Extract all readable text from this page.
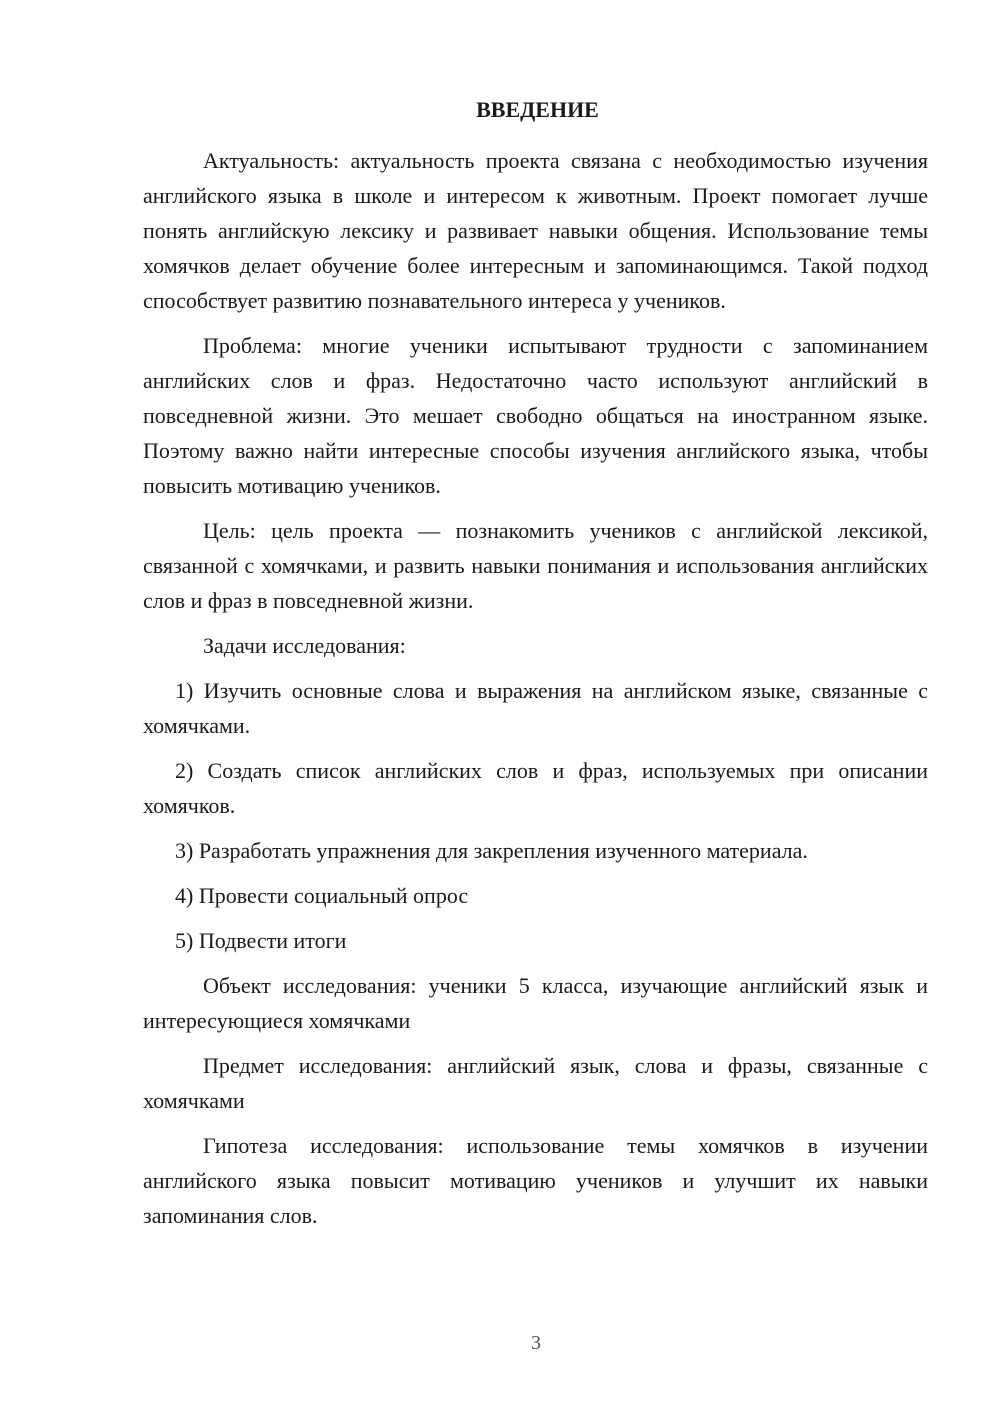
ВВЕДЕНИЕ

Актуальность: актуальность проекта связана с необходимостью изучения английского языка в школе и интересом к животным. Проект помогает лучше понять английскую лексику и развивает навыки общения. Использование темы хомячков делает обучение более интересным и запоминающимся. Такой подход способствует развитию познавательного интереса у учеников.

Проблема: многие ученики испытывают трудности с запоминанием английских слов и фраз. Недостаточно часто используют английский в повседневной жизни. Это мешает свободно общаться на иностранном языке. Поэтому важно найти интересные способы изучения английского языка, чтобы повысить мотивацию учеников.

Цель: цель проекта — познакомить учеников с английской лексикой, связанной с хомячками, и развить навыки понимания и использования английских слов и фраз в повседневной жизни.

Задачи исследования:

1) Изучить основные слова и выражения на английском языке, связанные с хомячками.

2) Создать список английских слов и фраз, используемых при описании хомячков.

3) Разработать упражнения для закрепления изученного материала.

4) Провести социальный опрос

5) Подвести итоги

Объект исследования: ученики 5 класса, изучающие английский язык и интересующиеся хомячками

Предмет исследования: английский язык, слова и фразы, связанные с хомячками

Гипотеза исследования: использование темы хомячков в изучении английского языка повысит мотивацию учеников и улучшит их навыки запоминания слов.

3
